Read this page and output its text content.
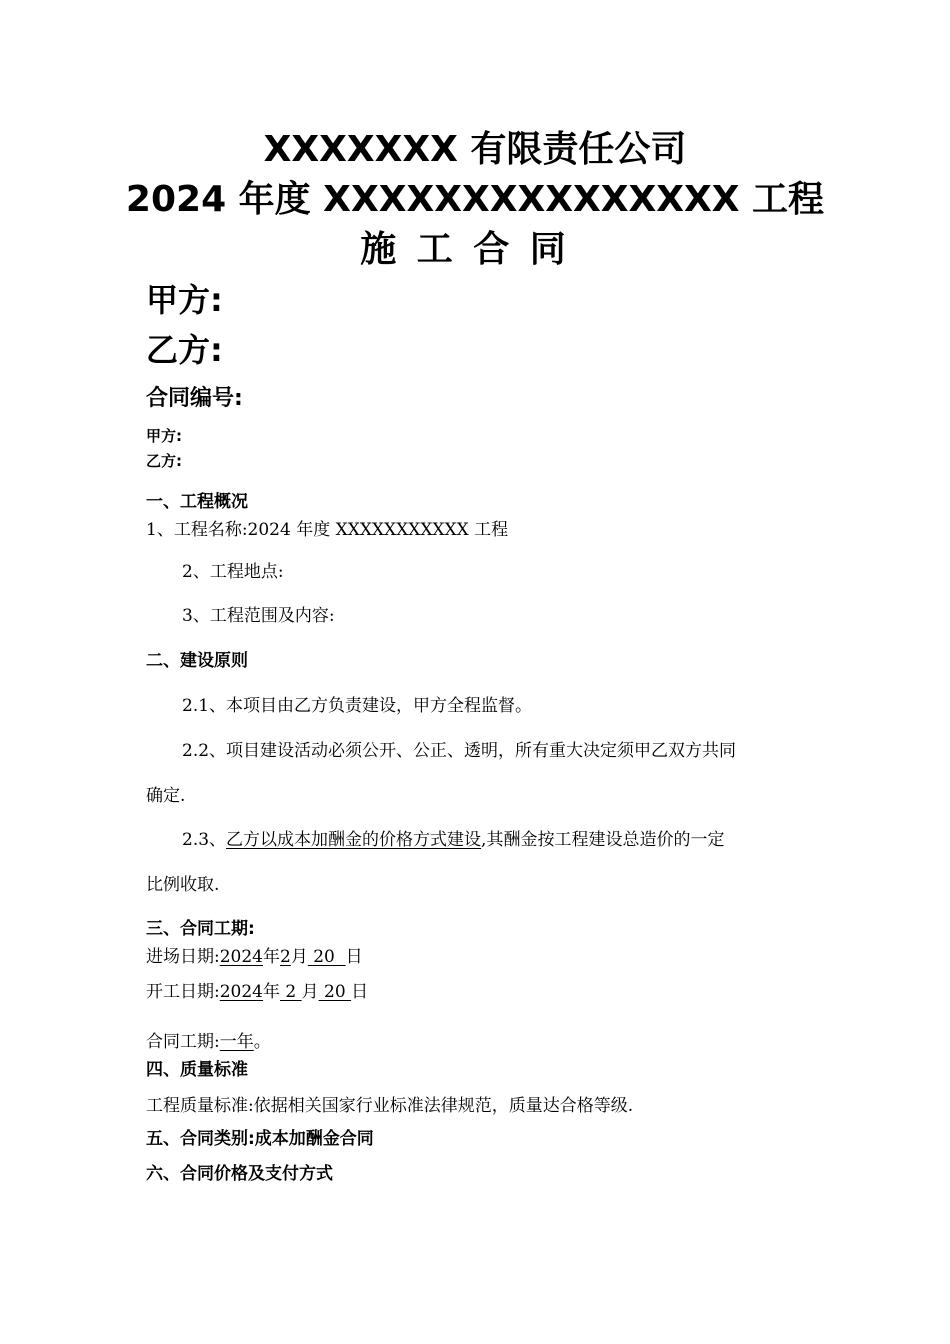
XXXXXXX 有限责任公司
2024 年度 XXXXXXXXXXXXXXX 工程
施 工 合 同
甲方:
乙方:
合同编号:
甲方:
乙方:
一、工程概况
1、工程名称:2024 年度 XXXXXXXXXXX 工程
2、工程地点:
3、工程范围及内容:
二、建设原则
2.1、本项目由乙方负责建设，甲方全程监督。
2.2、项目建设活动必须公开、公正、透明，所有重大决定须甲乙双方共同
确定.
2.3、乙方以成本加酬金的价格方式建设,其酬金按工程建设总造价的一定
比例收取.
三、合同工期:
进场日期:2024年2月 20  日
开工日期:2024年 2 月 20 日
合同工期:一年。
四、质量标准
工程质量标准:依据相关国家行业标准法律规范，质量达合格等级.
五、合同类别:成本加酬金合同
六、合同价格及支付方式
